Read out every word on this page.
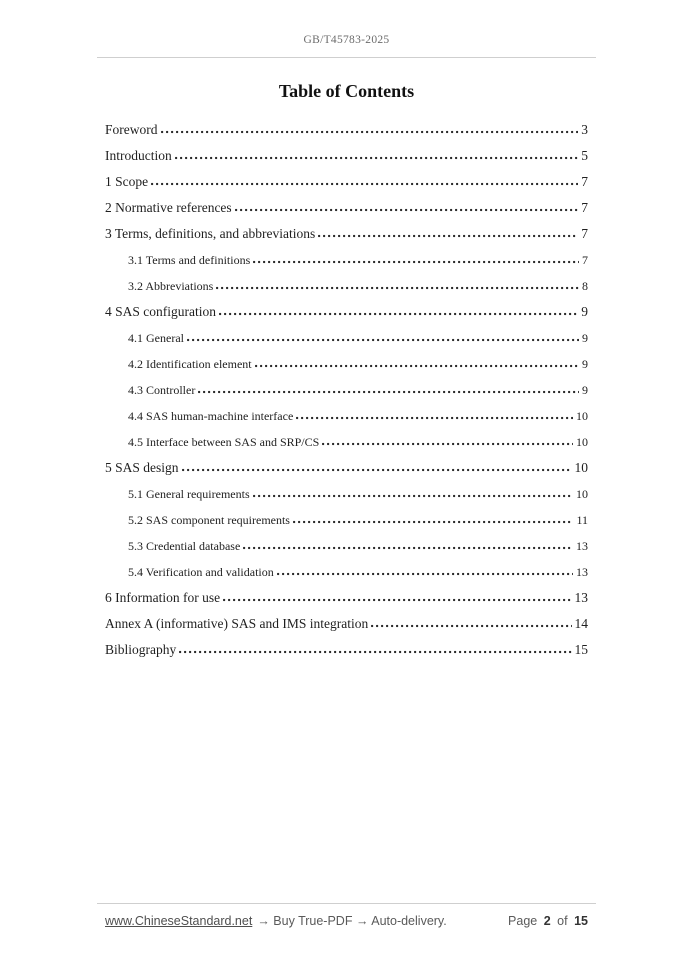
GB/T45783-2025
Table of Contents
Foreword	3
Introduction	5
1 Scope	7
2 Normative references	7
3 Terms, definitions, and abbreviations	7
3.1 Terms and definitions	7
3.2 Abbreviations	8
4 SAS configuration	9
4.1 General	9
4.2 Identification element	9
4.3 Controller	9
4.4 SAS human-machine interface	10
4.5 Interface between SAS and SRP/CS	10
5 SAS design	10
5.1 General requirements	10
5.2 SAS component requirements	11
5.3 Credential database	13
5.4 Verification and validation	13
6 Information for use	13
Annex A (informative) SAS and IMS integration	14
Bibliography	15
www.ChineseStandard.net → Buy True-PDF → Auto-delivery.	Page 2 of 15
